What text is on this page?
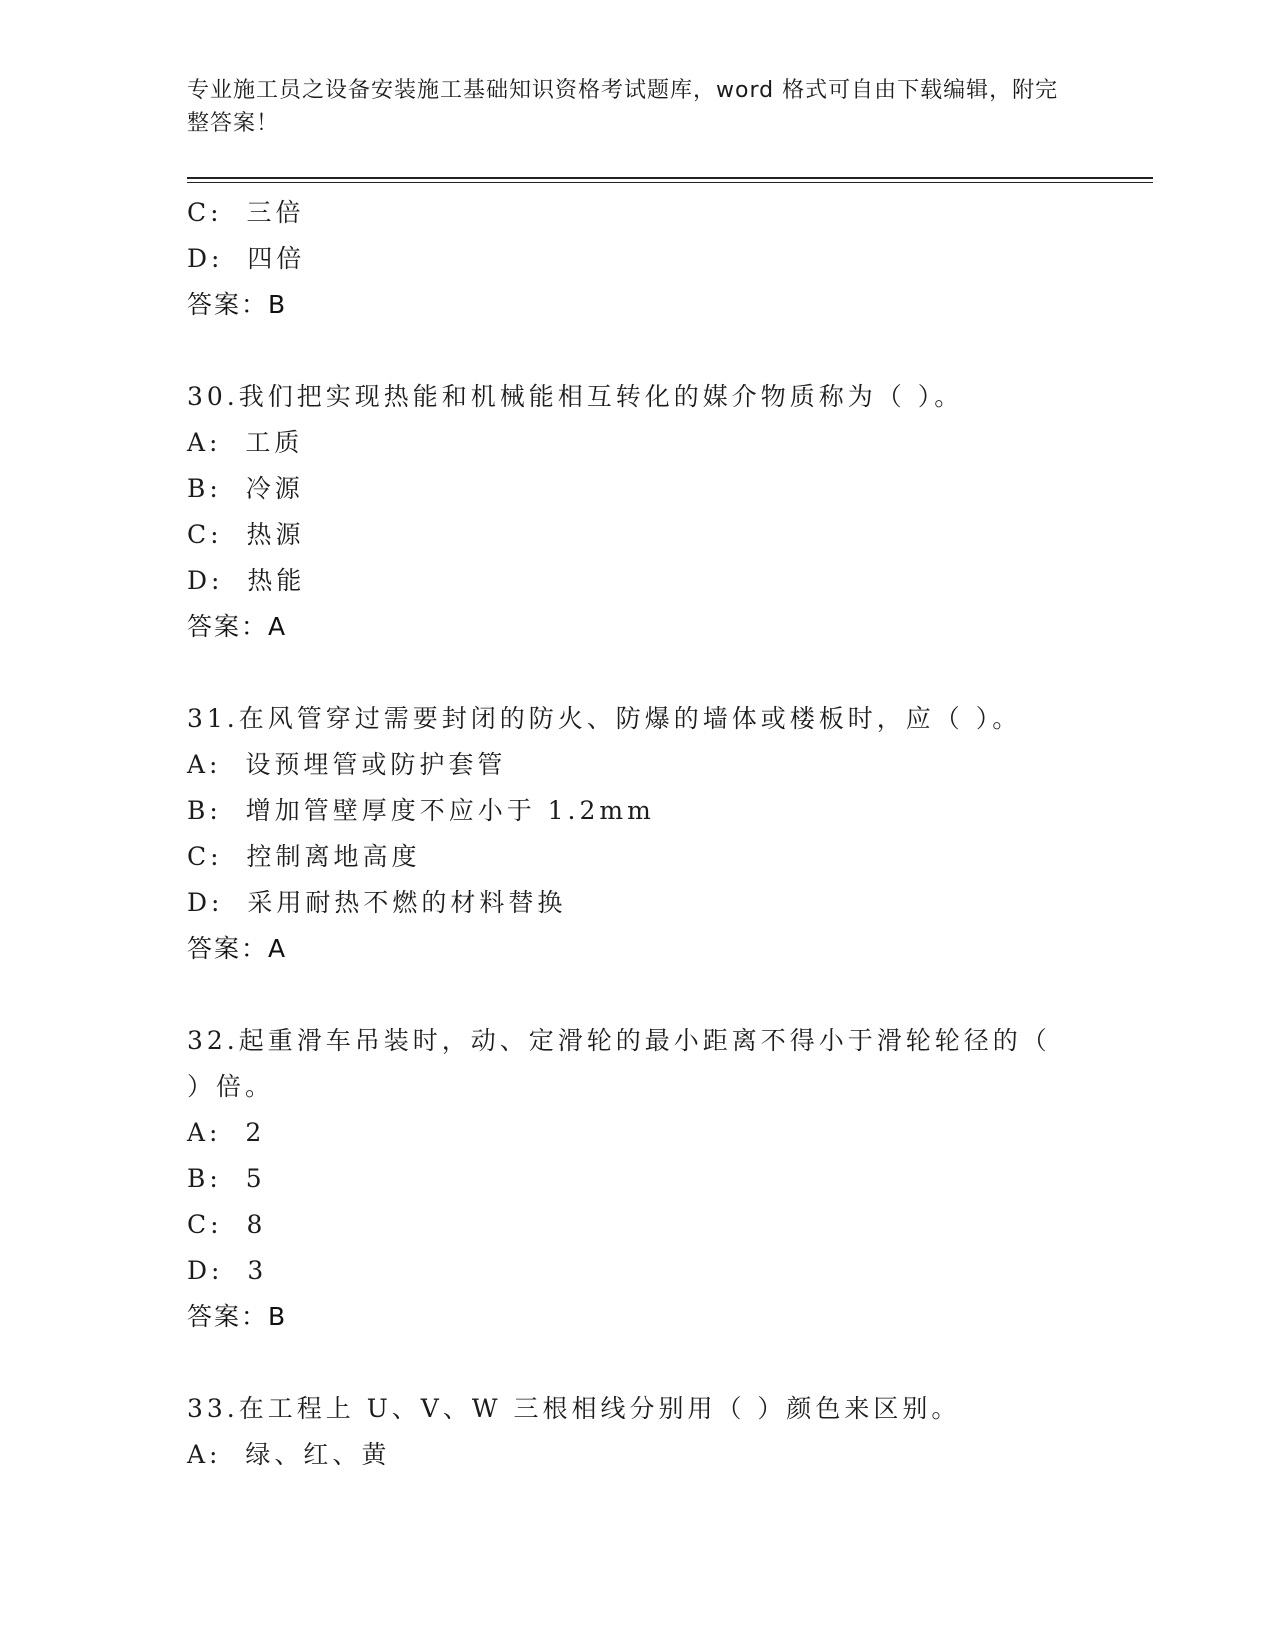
专业施工员之设备安装施工基础知识资格考试题库，word 格式可自由下载编辑，附完整答案！
C:  三倍
D:  四倍
答案：B
30.我们把实现热能和机械能相互转化的媒介物质称为（ ）。
A:  工质
B:  冷源
C:  热源
D:  热能
答案：A
31.在风管穿过需要封闭的防火、防爆的墙体或楼板时，应（ ）。
A:  设预埋管或防护套管
B:  增加管壁厚度不应小于 1.2mm
C:  控制离地高度
D:  采用耐热不燃的材料替换
答案：A
32.起重滑车吊装时，动、定滑轮的最小距离不得小于滑轮轮径的（
）倍。
A:  2
B:  5
C:  8
D:  3
答案：B
33.在工程上 U、V、W 三根相线分别用（ ）颜色来区别。
A:  绿、红、黄
